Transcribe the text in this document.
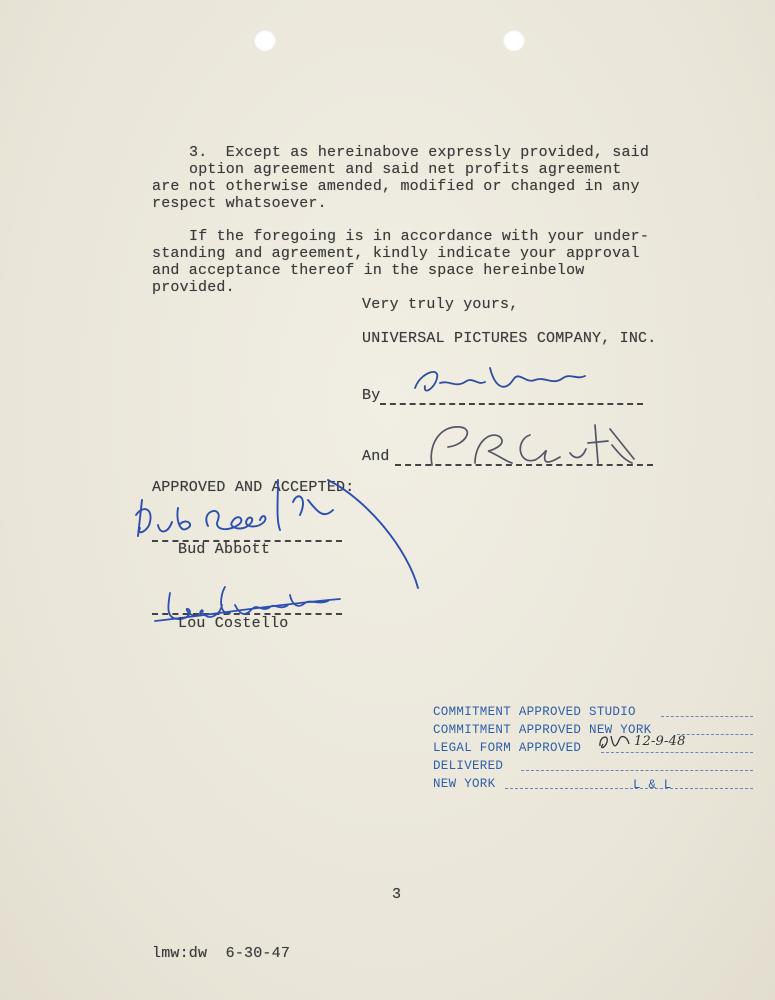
3.  Except as hereinabove expressly provided, said
option agreement and said net profits agreement
are not otherwise amended, modified or changed in any
respect whatsoever.
If the foregoing is in accordance with your under-
standing and agreement, kindly indicate your approval
and acceptance thereof in the space hereinbelow
provided.
Very truly yours,
UNIVERSAL PICTURES COMPANY, INC.
By
And
APPROVED AND ACCEPTED:
Bud Abbott
Lou Costello
COMMITMENT APPROVED STUDIO
COMMITMENT APPROVED NEW YORK
LEGAL FORM APPROVED
DELIVERED
NEW YORK
12-9-48
L & L
3
lmw:dw  6-30-47
